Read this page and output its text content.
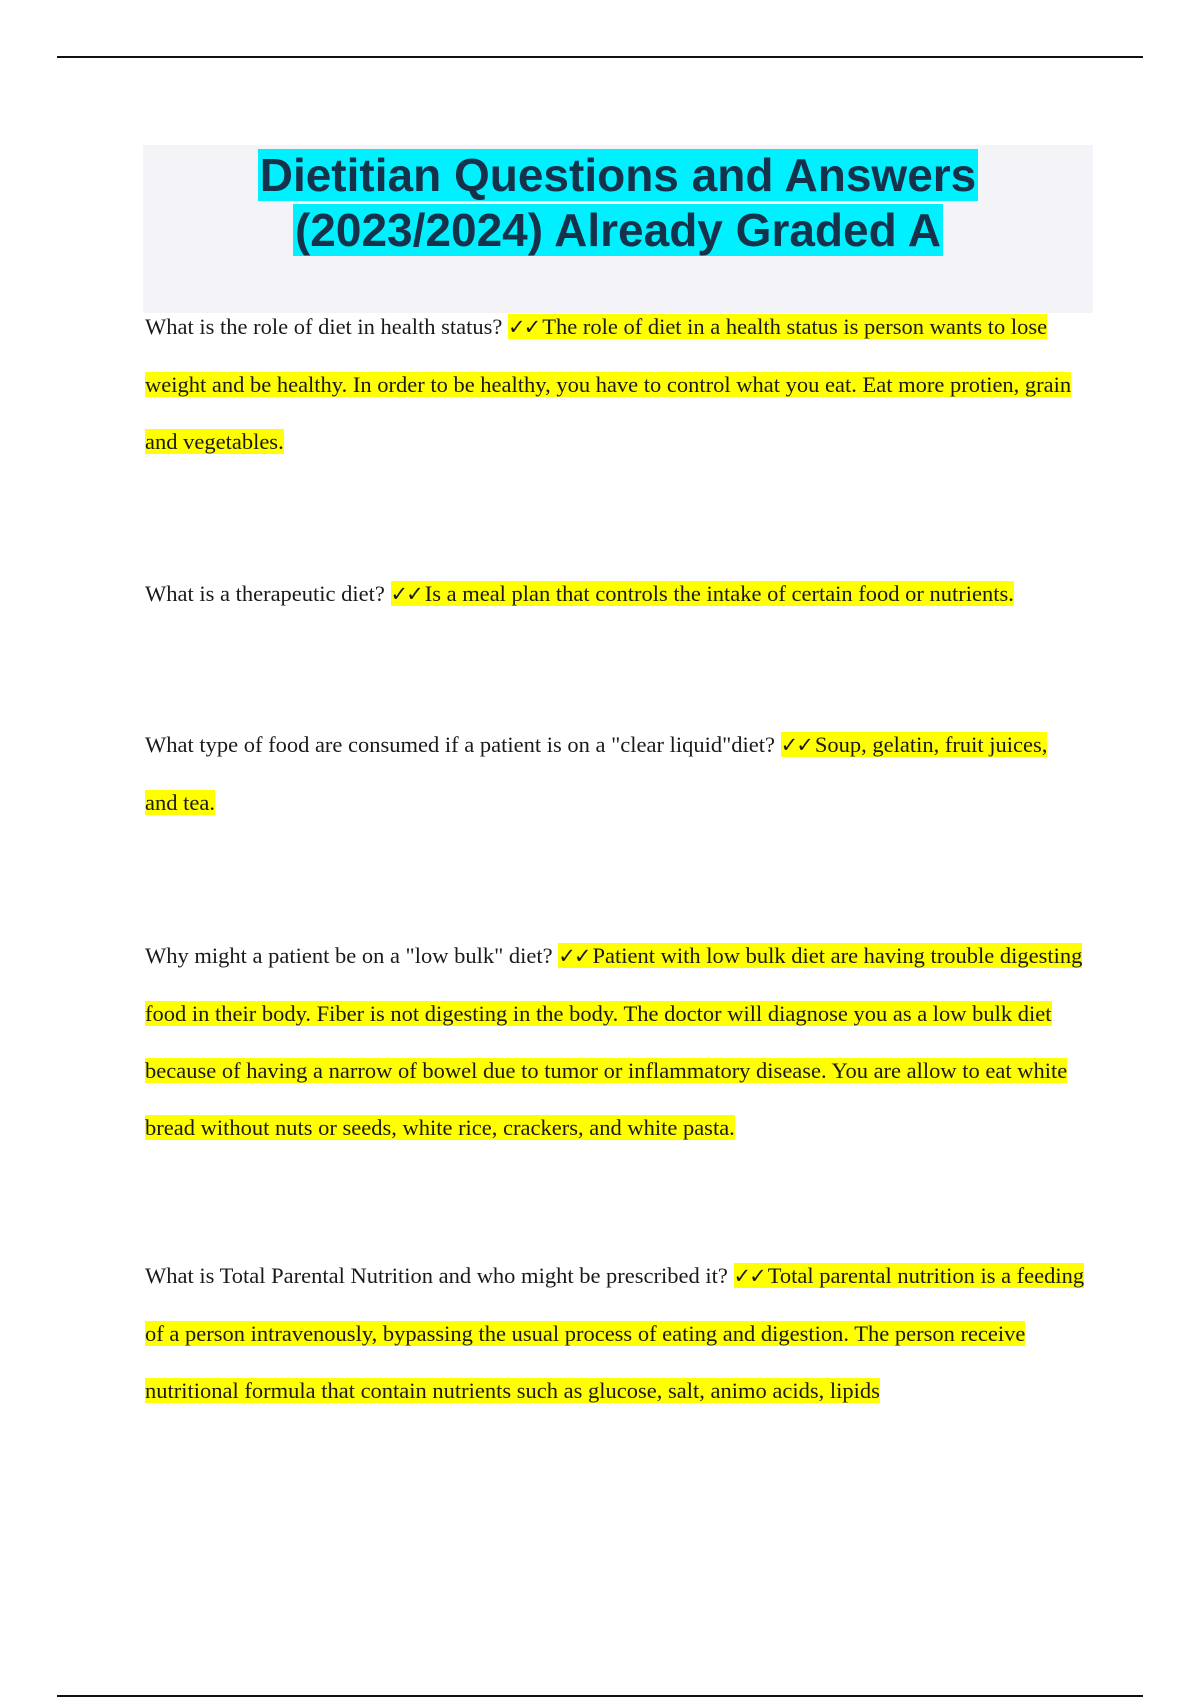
Dietitian Questions and Answers
(2023/2024) Already Graded A

What is the role of diet in health status? ✓✓ The role of diet in a health status is person wants to lose weight and be healthy. In order to be healthy, you have to control what you eat. Eat more protien, grain and vegetables.

What is a therapeutic diet? ✓✓ Is a meal plan that controls the intake of certain food or nutrients.

What type of food are consumed if a patient is on a "clear liquid"diet? ✓✓ Soup, gelatin, fruit juices, and tea.

Why might a patient be on a "low bulk" diet? ✓✓ Patient with low bulk diet are having trouble digesting food in their body. Fiber is not digesting in the body. The doctor will diagnose you as a low bulk diet because of having a narrow of bowel due to tumor or inflammatory disease. You are allow to eat white bread without nuts or seeds, white rice, crackers, and white pasta.

What is Total Parental Nutrition and who might be prescribed it? ✓✓ Total parental nutrition is a feeding of a person intravenously, bypassing the usual process of eating and digestion. The person receive nutritional formula that contain nutrients such as glucose, salt, animo acids, lipids
